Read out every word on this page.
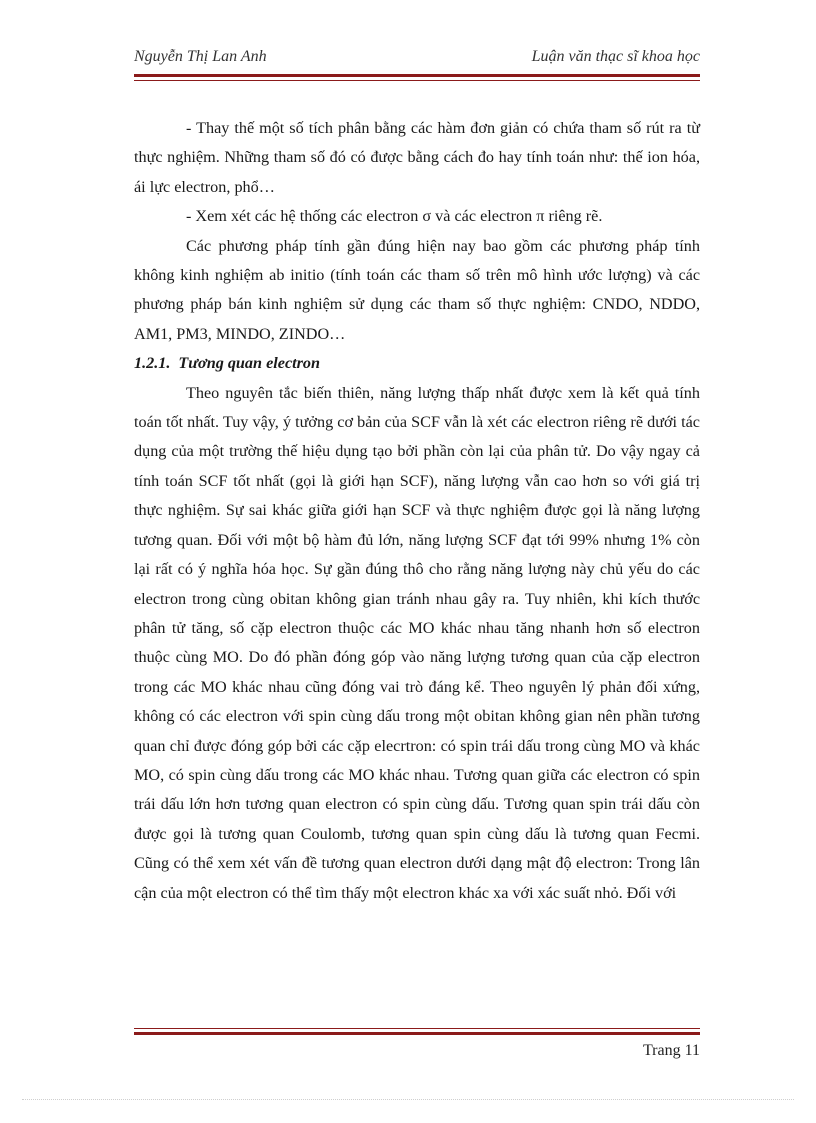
Nguyễn Thị Lan Anh	Luận văn thạc sĩ khoa học

- Thay thế một số tích phân bằng các hàm đơn giản có chứa tham số rút ra từ thực nghiệm. Những tham số đó có được bằng cách đo hay tính toán như: thế ion hóa, ái lực electron, phổ…

- Xem xét các hệ thống các electron σ và các electron π riêng rẽ.

Các phương pháp tính gần đúng hiện nay bao gồm các phương pháp tính không kinh nghiệm ab initio (tính toán các tham số trên mô hình ước lượng) và các phương pháp bán kinh nghiệm sử dụng các tham số thực nghiệm: CNDO, NDDO, AM1, PM3, MINDO, ZINDO…

1.2.1. Tương quan electron

Theo nguyên tắc biến thiên, năng lượng thấp nhất được xem là kết quả tính toán tốt nhất. Tuy vậy, ý tưởng cơ bản của SCF vẫn là xét các electron riêng rẽ dưới tác dụng của một trường thế hiệu dụng tạo bởi phần còn lại của phân tử. Do vậy ngay cả tính toán SCF tốt nhất (gọi là giới hạn SCF), năng lượng vẫn cao hơn so với giá trị thực nghiệm. Sự sai khác giữa giới hạn SCF và thực nghiệm được gọi là năng lượng tương quan. Đối với một bộ hàm đủ lớn, năng lượng SCF đạt tới 99% nhưng 1% còn lại rất có ý nghĩa hóa học. Sự gần đúng thô cho rằng năng lượng này chủ yếu do các electron trong cùng obitan không gian tránh nhau gây ra. Tuy nhiên, khi kích thước phân tử tăng, số cặp electron thuộc các MO khác nhau tăng nhanh hơn số electron thuộc cùng MO. Do đó phần đóng góp vào năng lượng tương quan của cặp electron trong các MO khác nhau cũng đóng vai trò đáng kể. Theo nguyên lý phản đối xứng, không có các electron với spin cùng dấu trong một obitan không gian nên phần tương quan chỉ được đóng góp bởi các cặp elecrtron: có spin trái dấu trong cùng MO và khác MO, có spin cùng dấu trong các MO khác nhau. Tương quan giữa các electron có spin trái dấu lớn hơn tương quan electron có spin cùng dấu. Tương quan spin trái dấu còn được gọi là tương quan Coulomb, tương quan spin cùng dấu là tương quan Fecmi. Cũng có thể xem xét vấn đề tương quan electron dưới dạng mật độ electron: Trong lân cận của một electron có thể tìm thấy một electron khác xa với xác suất nhỏ. Đối với

Trang 11
